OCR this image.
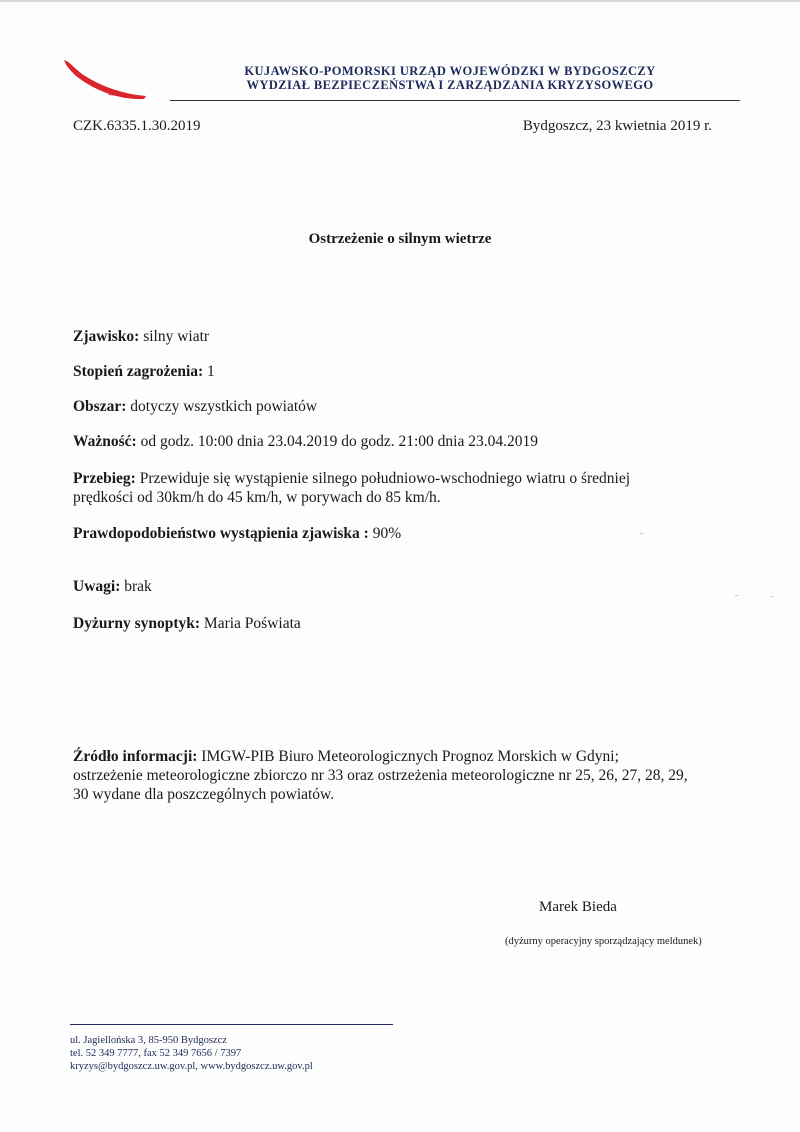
KUJAWSKO-POMORSKI URZĄD WOJEWÓDZKI W BYDGOSZCZY
WYDZIAŁ BEZPIECZEŃSTWA I ZARZĄDZANIA KRYZYSOWEGO
CZK.6335.1.30.2019	Bydgoszcz, 23 kwietnia 2019 r.
Ostrzeżenie o silnym wietrze
Zjawisko: silny wiatr
Stopień zagrożenia: 1
Obszar: dotyczy wszystkich powiatów
Ważność: od godz. 10:00 dnia 23.04.2019 do godz. 21:00 dnia 23.04.2019
Przebieg: Przewiduje się wystąpienie silnego południowo-wschodniego wiatru o średniej
prędkości od 30km/h do 45 km/h, w porywach do 85 km/h.
Prawdopodobieństwo wystąpienia zjawiska : 90%
Uwagi: brak
Dyżurny synoptyk: Maria Poświata
Źródło informacji: IMGW-PIB Biuro Meteorologicznych Prognoz Morskich w Gdyni;
ostrzeżenie meteorologiczne zbiorczo nr 33 oraz ostrzeżenia meteorologiczne nr 25, 26, 27, 28, 29,
30 wydane dla poszczególnych powiatów.
Marek Bieda
(dyżurny operacyjny sporządzający meldunek)
ul. Jagiellońska 3, 85-950 Bydgoszcz
tel. 52 349 7777, fax 52 349 7656 / 7397
kryzys@bydgoszcz.uw.gov.pl, www.bydgoszcz.uw.gov.pl
